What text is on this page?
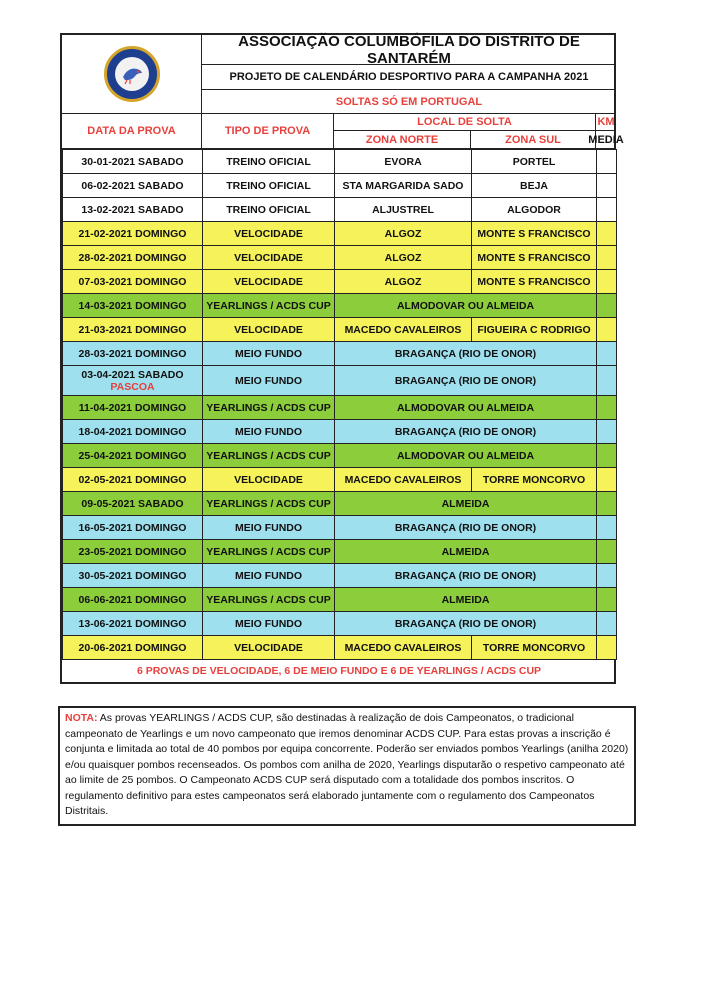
ASSOCIAÇÃO COLUMBÓFILA DO DISTRITO DE SANTARÉM
PROJETO DE CALENDÁRIO DESPORTIVO PARA A CAMPANHA 2021
SOLTAS SÓ EM PORTUGAL
DATA DA PROVA	TIPO DE PROVA
LOCAL DE SOLTA
ZONA NORTE	ZONA SUL
KM
MEDIA
30-01-2021 SABADO	TREINO OFICIAL	EVORA	PORTEL	
06-02-2021 SABADO	TREINO OFICIAL	STA MARGARIDA SADO	BEJA	
13-02-2021 SABADO	TREINO OFICIAL	ALJUSTREL	ALGODOR	
21-02-2021 DOMINGO	VELOCIDADE	ALGOZ	MONTE S FRANCISCO	
28-02-2021 DOMINGO	VELOCIDADE	ALGOZ	MONTE S FRANCISCO	
07-03-2021 DOMINGO	VELOCIDADE	ALGOZ	MONTE S FRANCISCO	
14-03-2021 DOMINGO	YEARLINGS / ACDS CUP	ALMODOVAR OU ALMEIDA		
21-03-2021 DOMINGO	VELOCIDADE	MACEDO CAVALEIROS	FIGUEIRA C RODRIGO	
28-03-2021 DOMINGO	MEIO FUNDO	BRAGANÇA (RIO DE ONOR)		
03-04-2021 SABADO
PASCOA	MEIO FUNDO	BRAGANÇA (RIO DE ONOR)		
11-04-2021 DOMINGO	YEARLINGS / ACDS CUP	ALMODOVAR OU ALMEIDA		
18-04-2021 DOMINGO	MEIO FUNDO	BRAGANÇA (RIO DE ONOR)		
25-04-2021 DOMINGO	YEARLINGS / ACDS CUP	ALMODOVAR OU ALMEIDA		
02-05-2021 DOMINGO	VELOCIDADE	MACEDO CAVALEIROS	TORRE MONCORVO	
09-05-2021 SABADO	YEARLINGS / ACDS CUP	ALMEIDA		
16-05-2021 DOMINGO	MEIO FUNDO	BRAGANÇA (RIO DE ONOR)		
23-05-2021 DOMINGO	YEARLINGS / ACDS CUP	ALMEIDA		
30-05-2021 DOMINGO	MEIO FUNDO	BRAGANÇA (RIO DE ONOR)		
06-06-2021 DOMINGO	YEARLINGS / ACDS CUP	ALMEIDA		
13-06-2021 DOMINGO	MEIO FUNDO	BRAGANÇA (RIO DE ONOR)		
20-06-2021 DOMINGO	VELOCIDADE	MACEDO CAVALEIROS	TORRE MONCORVO	
6 PROVAS DE VELOCIDADE, 6 DE MEIO FUNDO E 6 DE YEARLINGS / ACDS CUP
NOTA: As provas YEARLINGS / ACDS CUP, são destinadas à realização de dois Campeonatos, o tradicional campeonato de Yearlings e um novo campeonato que iremos denominar ACDS CUP. Para estas provas a inscrição é conjunta e limitada ao total de 40 pombos por equipa concorrente. Poderão ser enviados pombos Yearlings (anilha 2020) e/ou quaisquer pombos recenseados. Os pombos com anilha de 2020, Yearlings disputarão o respetivo campeonato até ao limite de 25 pombos. O Campeonato ACDS CUP será disputado com a totalidade dos pombos inscritos. O regulamento definitivo para estes campeonatos será elaborado juntamente com o regulamento dos Campeonatos Distritais.
